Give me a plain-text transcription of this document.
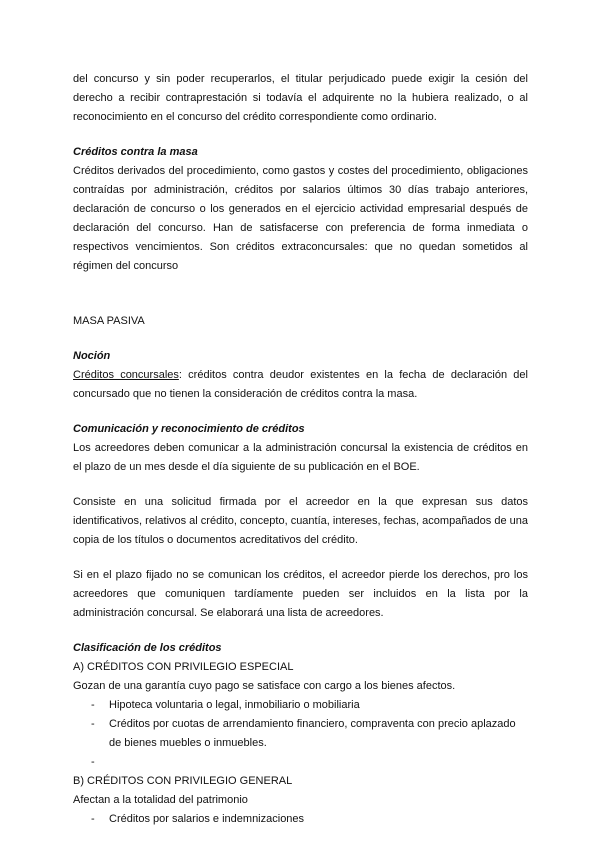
del concurso y sin poder recuperarlos, el titular perjudicado puede exigir la cesión del derecho a recibir contraprestación si todavía el adquirente no la hubiera realizado, o al reconocimiento en el concurso del crédito correspondiente como ordinario.

Créditos contra la masa

Créditos derivados del procedimiento, como gastos y costes del procedimiento, obligaciones contraídas por administración, créditos por salarios últimos 30 días trabajo anteriores, declaración de concurso o los generados en el ejercicio actividad empresarial después de declaración del concurso. Han de satisfacerse con preferencia de forma inmediata o respectivos vencimientos. Son créditos extraconcursales: que no quedan sometidos al régimen del concurso

MASA PASIVA

Noción

Créditos concursales: créditos contra deudor existentes en la fecha de declaración del concursado que no tienen la consideración de créditos contra la masa.

Comunicación y reconocimiento de créditos

Los acreedores deben comunicar a la administración concursal la existencia de créditos en el plazo de un mes desde el día siguiente de su publicación en el BOE.

Consiste en una solicitud firmada por el acreedor en la que expresan sus datos identificativos, relativos al crédito, concepto, cuantía, intereses, fechas, acompañados de una copia de los títulos o documentos acreditativos del crédito.

Si en el plazo fijado no se comunican los créditos, el acreedor pierde los derechos, pro los acreedores que comuniquen tardíamente pueden ser incluidos en la lista por la administración concursal. Se elaborará una lista de acreedores.

Clasificación de los créditos

A) CRÉDITOS CON PRIVILEGIO ESPECIAL

Gozan de una garantía cuyo pago se satisface con cargo a los bienes afectos.

- Hipoteca voluntaria o legal, inmobiliario o mobiliaria
- Créditos por cuotas de arrendamiento financiero, compraventa con precio aplazado de bienes muebles o inmuebles.
-

B) CRÉDITOS CON PRIVILEGIO GENERAL

Afectan a la totalidad del patrimonio

- Créditos por salarios e indemnizaciones
